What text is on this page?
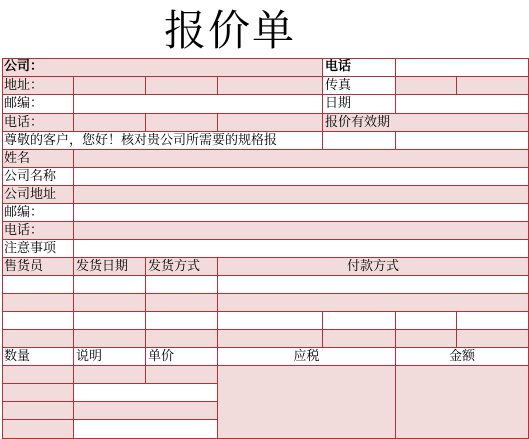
报价单
公司：	电话
地址：	传真
邮编：	日期
电话：	报价有效期
尊敬的客户，您好！核对贵公司所需要的规格报
姓名
公司名称
公司地址
邮编：
电话：
注意事项
售货员	发货日期	发货方式	付款方式
数量	说明	单价	应税	金额
